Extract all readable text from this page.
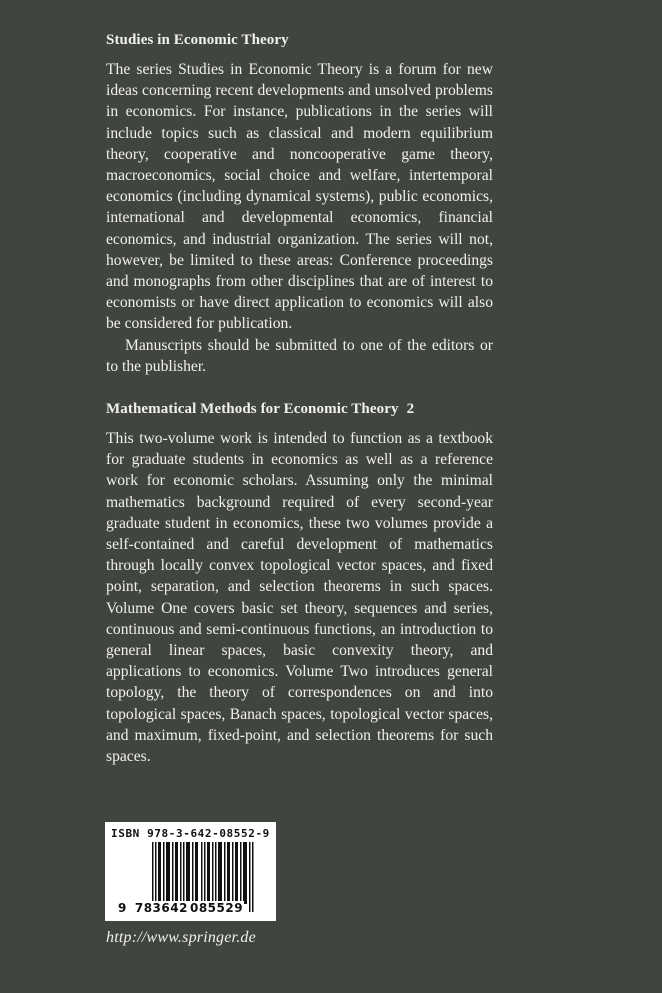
Studies in Economic Theory

The series Studies in Economic Theory is a forum for new ideas concerning recent developments and unsolved problems in economics. For instance, publications in the series will include topics such as classical and modern equilibrium theory, cooperative and noncooperative game theory, macroeconomics, social choice and welfare, intertemporal economics (including dynamical systems), public economics, international and developmental economics, financial economics, and industrial organization. The series will not, however, be limited to these areas: Conference proceedings and monographs from other disciplines that are of interest to economists or have direct application to economics will also be considered for publication.

Manuscripts should be submitted to one of the editors or to the publisher.

Mathematical Methods for Economic Theory 2

This two-volume work is intended to function as a textbook for graduate students in economics as well as a reference work for economic scholars. Assuming only the minimal mathematics background required of every second-year graduate student in economics, these two volumes provide a self-contained and careful development of mathematics through locally convex topological vector spaces, and fixed point, separation, and selection theorems in such spaces. Volume One covers basic set theory, sequences and series, continuous and semi-continuous functions, an introduction to general linear spaces, basic convexity theory, and applications to economics. Volume Two introduces general topology, the theory of correspondences on and into topological spaces, Banach spaces, topological vector spaces, and maximum, fixed-point, and selection theorems for such spaces.

ISBN 978-3-642-08552-9
9 783642 085529
http://www.springer.de
